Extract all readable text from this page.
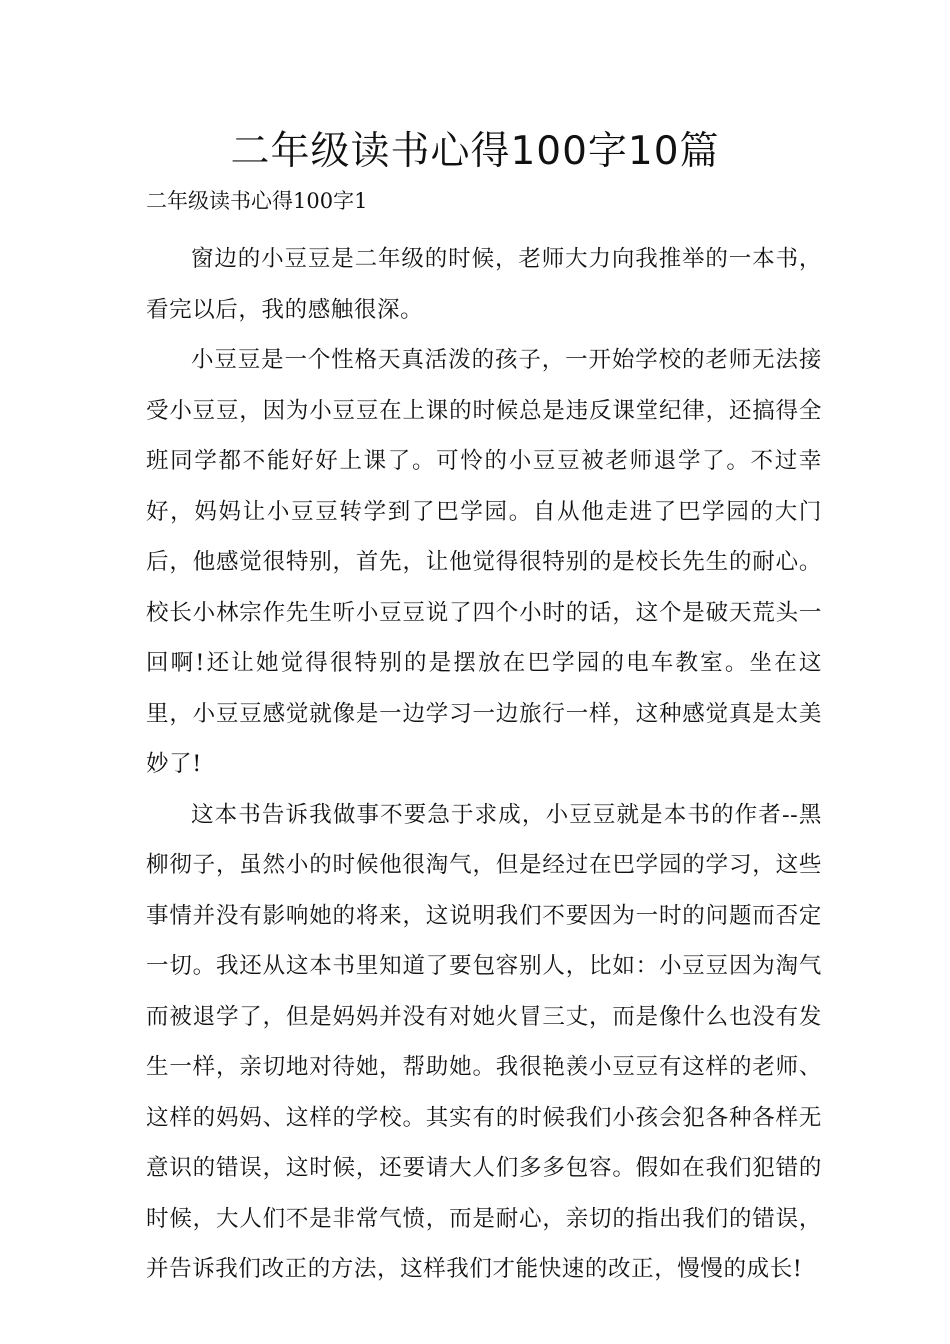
二年级读书心得100字10篇
二年级读书心得100字1

窗边的小豆豆是二年级的时候，老师大力向我推举的一本书，看完以后，我的感触很深。

小豆豆是一个性格天真活泼的孩子，一开始学校的老师无法接受小豆豆，因为小豆豆在上课的时候总是违反课堂纪律，还搞得全班同学都不能好好上课了。可怜的小豆豆被老师退学了。不过幸好，妈妈让小豆豆转学到了巴学园。自从他走进了巴学园的大门后，他感觉很特别，首先，让他觉得很特别的是校长先生的耐心。校长小林宗作先生听小豆豆说了四个小时的话，这个是破天荒头一回啊!还让她觉得很特别的是摆放在巴学园的电车教室。坐在这里，小豆豆感觉就像是一边学习一边旅行一样，这种感觉真是太美妙了!

这本书告诉我做事不要急于求成，小豆豆就是本书的作者--黑柳彻子，虽然小的时候他很淘气，但是经过在巴学园的学习，这些事情并没有影响她的将来，这说明我们不要因为一时的问题而否定一切。我还从这本书里知道了要包容别人，比如：小豆豆因为淘气而被退学了，但是妈妈并没有对她火冒三丈，而是像什么也没有发生一样，亲切地对待她，帮助她。我很艳羡小豆豆有这样的老师、这样的妈妈、这样的学校。其实有的时候我们小孩会犯各种各样无意识的错误，这时候，还要请大人们多多包容。假如在我们犯错的时候，大人们不是非常气愤，而是耐心，亲切的指出我们的错误，并告诉我们改正的方法，这样我们才能快速的改正，慢慢的成长!
